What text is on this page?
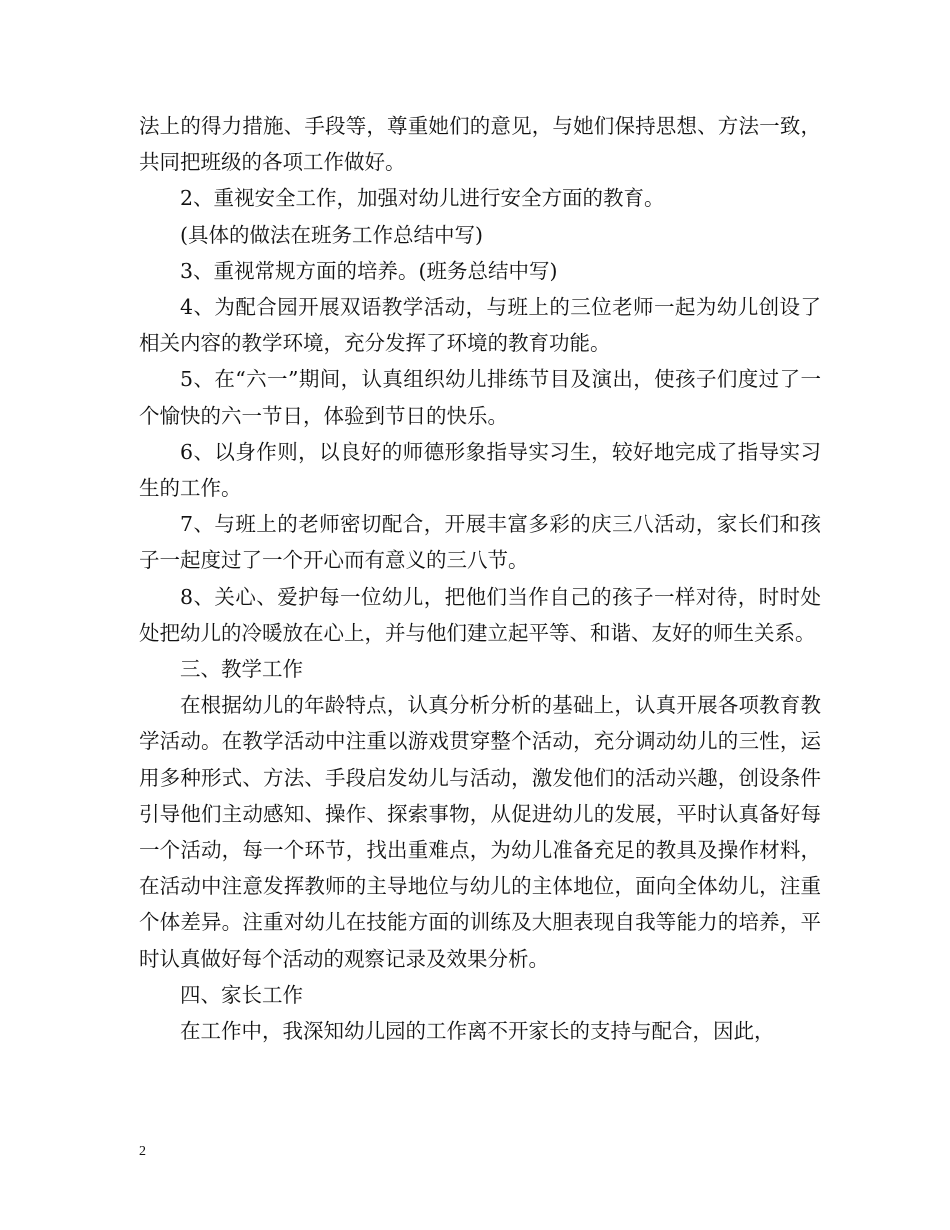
法上的得力措施、手段等，尊重她们的意见，与她们保持思想、方法一致，共同把班级的各项工作做好。

2、重视安全工作，加强对幼儿进行安全方面的教育。

(具体的做法在班务工作总结中写)

3、重视常规方面的培养。(班务总结中写)

4、为配合园开展双语教学活动，与班上的三位老师一起为幼儿创设了相关内容的教学环境，充分发挥了环境的教育功能。

5、在“六一”期间，认真组织幼儿排练节目及演出，使孩子们度过了一个愉快的六一节日，体验到节日的快乐。

6、以身作则，以良好的师德形象指导实习生，较好地完成了指导实习生的工作。

7、与班上的老师密切配合，开展丰富多彩的庆三八活动，家长们和孩子一起度过了一个开心而有意义的三八节。

8、关心、爱护每一位幼儿，把他们当作自己的孩子一样对待，时时处处把幼儿的冷暖放在心上，并与他们建立起平等、和谐、友好的师生关系。

三、教学工作

在根据幼儿的年龄特点，认真分析分析的基础上，认真开展各项教育教学活动。在教学活动中注重以游戏贯穿整个活动，充分调动幼儿的三性，运用多种形式、方法、手段启发幼儿与活动，激发他们的活动兴趣，创设条件引导他们主动感知、操作、探索事物，从促进幼儿的发展，平时认真备好每一个活动，每一个环节，找出重难点，为幼儿准备充足的教具及操作材料，在活动中注意发挥教师的主导地位与幼儿的主体地位，面向全体幼儿，注重个体差异。注重对幼儿在技能方面的训练及大胆表现自我等能力的培养，平时认真做好每个活动的观察记录及效果分析。

四、家长工作

在工作中，我深知幼儿园的工作离不开家长的支持与配合，因此，

2
